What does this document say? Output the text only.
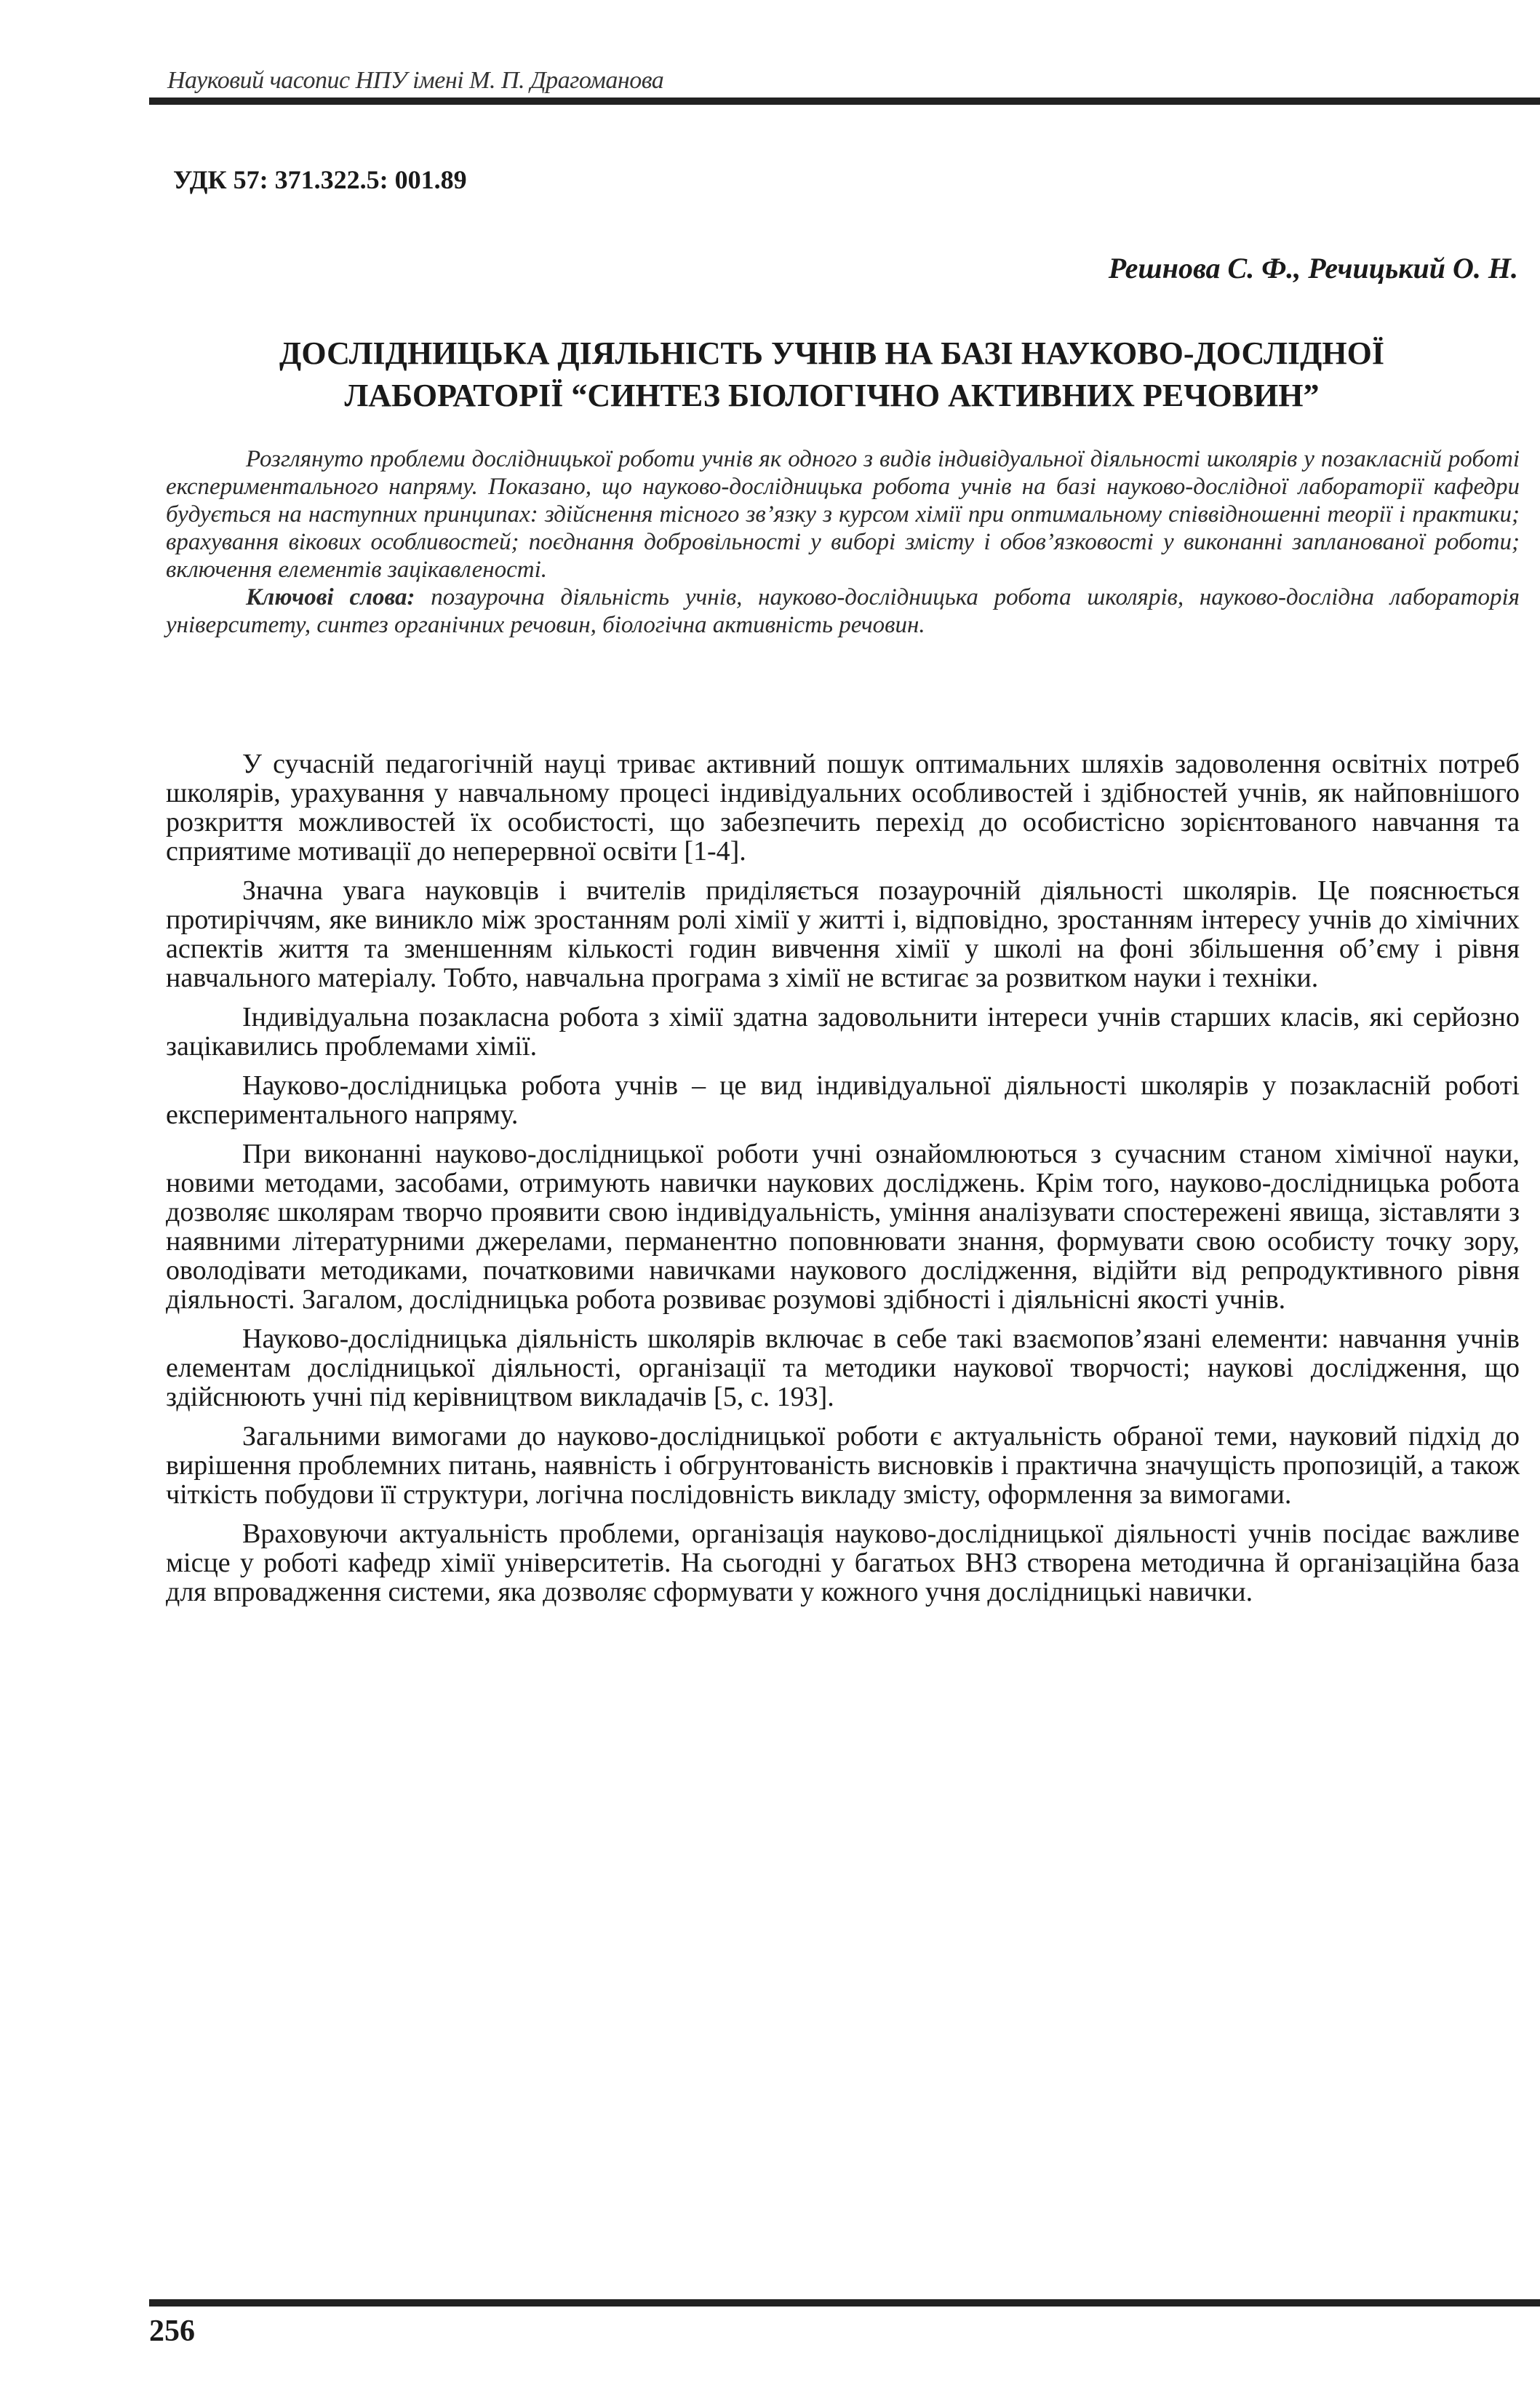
Науковий часопис НПУ імені М. П. Драгоманова
УДК 57: 371.322.5: 001.89
Решнова С. Ф., Речицький О. Н.
ДОСЛІДНИЦЬКА ДІЯЛЬНІСТЬ УЧНІВ НА БАЗІ НАУКОВО-ДОСЛІДНОЇ ЛАБОРАТОРІЇ “СИНТЕЗ БІОЛОГІЧНО АКТИВНИХ РЕЧОВИН”

Розглянуто проблеми дослідницької роботи учнів як одного з видів індивідуальної діяльності школярів у позакласній роботі експериментального напряму. Показано, що науково-дослідницька робота учнів на базі науково-дослідної лабораторії кафедри будується на наступних принципах: здійснення тісного зв’язку з курсом хімії при оптимальному співвідношенні теорії і практики; врахування вікових особливостей; поєднання добровільності у виборі змісту і обов’язковості у виконанні запланованої роботи; включення елементів зацікавленості.

Ключові слова: позаурочна діяльність учнів, науково-дослідницька робота школярів, науково-дослідна лабораторія університету, синтез органічних речовин, біологічна активність речовин.

У сучасній педагогічній науці триває активний пошук оптимальних шляхів задоволення освітніх потреб школярів, урахування у навчальному процесі індивідуальних особливостей і здібностей учнів, як найповнішого розкриття можливостей їх особистості, що забезпечить перехід до особистісно зорієнтованого навчання та сприятиме мотивації до неперервної освіти [1-4].

Значна увага науковців і вчителів приділяється позаурочній діяльності школярів. Це пояснюється протиріччям, яке виникло між зростанням ролі хімії у житті і, відповідно, зростанням інтересу учнів до хімічних аспектів життя та зменшенням кількості годин вивчення хімії у школі на фоні збільшення об’єму і рівня навчального матеріалу. Тобто, навчальна програма з хімії не встигає за розвитком науки і техніки.

Індивідуальна позакласна робота з хімії здатна задовольнити інтереси учнів старших класів, які серйозно зацікавились проблемами хімії.

Науково-дослідницька робота учнів – це вид індивідуальної діяльності школярів у позакласній роботі експериментального напряму.

При виконанні науково-дослідницької роботи учні ознайомлюються з сучасним станом хімічної науки, новими методами, засобами, отримують навички наукових досліджень. Крім того, науково-дослідницька робота дозволяє школярам творчо проявити свою індивідуальність, уміння аналізувати спостережені явища, зіставляти з наявними літературними джерелами, перманентно поповнювати знання, формувати свою особисту точку зору, оволодівати методиками, початковими навичками наукового дослідження, відійти від репродуктивного рівня діяльності. Загалом, дослідницька робота розвиває розумові здібності і діяльнісні якості учнів.

Науково-дослідницька діяльність школярів включає в себе такі взаємопов’язані елементи: навчання учнів елементам дослідницької діяльності, організації та методики наукової творчості; наукові дослідження, що здійснюють учні під керівництвом викладачів [5, с. 193].

Загальними вимогами до науково-дослідницької роботи є актуальність обраної теми, науковий підхід до вирішення проблемних питань, наявність і обгрунтованість висновків і практична значущість пропозицій, а також чіткість побудови її структури, логічна послідовність викладу змісту, оформлення за вимогами.

Враховуючи актуальність проблеми, організація науково-дослідницької діяльності учнів посідає важливе місце у роботі кафедр хімії університетів. На сьогодні у багатьох ВНЗ створена методична й організаційна база для впровадження системи, яка дозволяє сформувати у кожного учня дослідницькі навички.

256
